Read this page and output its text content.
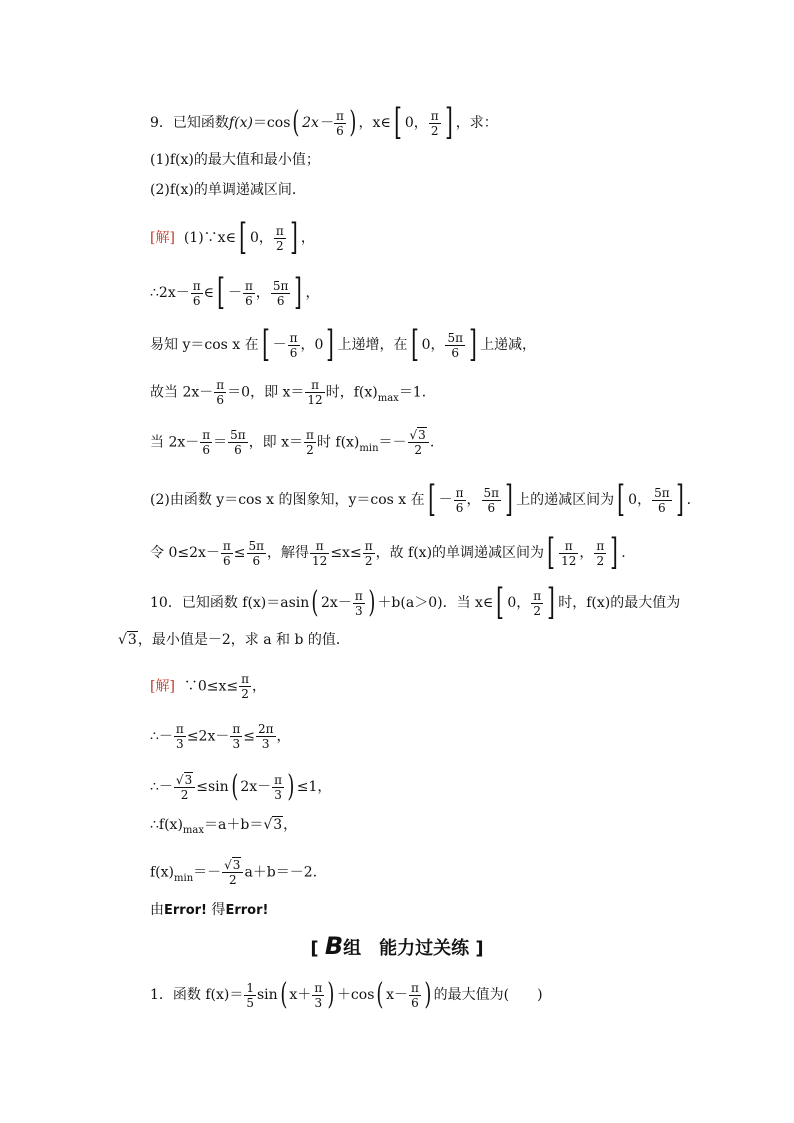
9．已知函数f(x)＝cos( $2x- \frac{\pi}{6}$ ) ，x∈[ 0， $\frac{\pi}{2}$ ] ，求：
(1)f(x)的最大值和最小值；
(2)f(x)的单调递减区间．
[解] (1)∵x∈[ 0， $\frac{\pi}{2}$ ] ，
∴2x－ $\frac{\pi}{6}$ ∈[ － $\frac{\pi}{6}$ ， $\frac{5\pi}{6}$ ] ，
易知 y＝cos x 在[ － $\frac{\pi}{6}$ ，0] 上递增，在[ 0， $\frac{5\pi}{6}$ ] 上递减，
故当 $2x- \frac{\pi}{6} =0$，即 $x= \frac{\pi}{12}$ 时，$f(x)_{max}=1$．
当 $2x- \frac{\pi}{6} = \frac{5\pi}{6}$ ，即 $x= \frac{\pi}{2}$ 时 $f(x)_{min}=- \frac{√3}{2}$ .
(2)由函数 y＝cos x 的图象知，y＝cos x 在[ － $\frac{\pi}{6}$ ， $\frac{5\pi}{6}$ ] 上的递减区间为[ 0， $\frac{5\pi}{6}$ ] .
令 $0\le 2x- \frac{\pi}{6} \le \frac{5\pi}{6}$ ，解得 $\frac{\pi}{12} \le x\le \frac{\pi}{2}$ ，故 f(x)的单调递减区间为[ $\frac{\pi}{12}$ ， $\frac{\pi}{2}$ ] .
10．已知函数 f(x)＝asin( $2x- \frac{\pi}{3}$ ) ＋b(a＞0)．当 x∈[ 0， $\frac{\pi}{2}$ ] 时，f(x)的最大值为
√3，最小值是－2，求 a 和 b 的值．
[解] ∵0≤x≤ $\frac{\pi}{2}$ ，
∴－ $\frac{\pi}{3} \le 2x- \frac{\pi}{3} \le \frac{2\pi}{3}$ ，
∴－ $\frac{√3}{2} \le\sin$( $2x- \frac{\pi}{3}$ ) ≤1，
$\therefore f(x)_{max}=a+b=√3$，
$f(x)_{min}=- \frac{√3}{2} a+b=-2$.
由Error! 得Error!
[ B组　能力过关练 ]
1．函数 $f(x)= \frac{1}{5} \sin$( $x+ \frac{\pi}{3}$ ) ＋cos( $x- \frac{\pi}{6}$ ) 的最大值为(　　)
